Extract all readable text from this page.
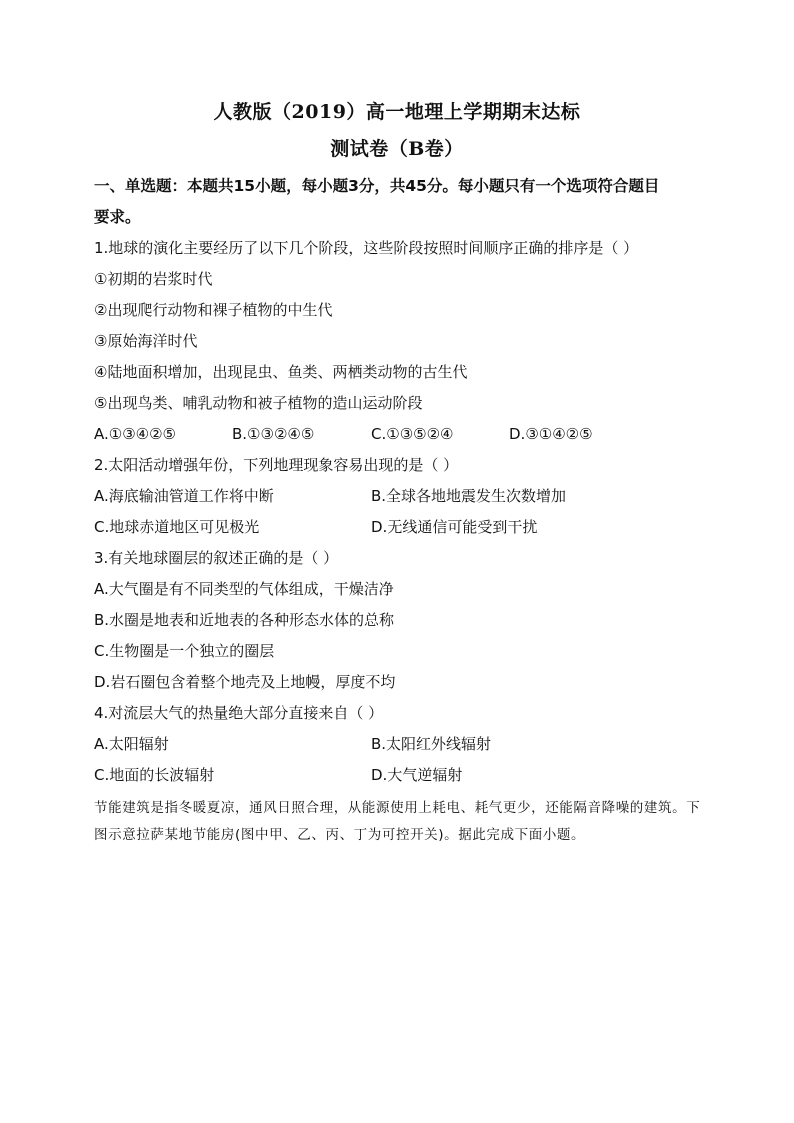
人教版（2019）高一地理上学期期末达标
测试卷（B卷）
一、单选题：本题共15小题，每小题3分，共45分。每小题只有一个选项符合题目
要求。
1.地球的演化主要经历了以下几个阶段，这些阶段按照时间顺序正确的排序是（ ）
①初期的岩浆时代
②出现爬行动物和裸子植物的中生代
③原始海洋时代
④陆地面积增加，出现昆虫、鱼类、两栖类动物的古生代
⑤出现鸟类、哺乳动物和被子植物的造山运动阶段
A.①③④②⑤	B.①③②④⑤	C.①③⑤②④	D.③①④②⑤
2.太阳活动增强年份，下列地理现象容易出现的是（ ）
A.海底输油管道工作将中断	B.全球各地地震发生次数增加
C.地球赤道地区可见极光	D.无线通信可能受到干扰
3.有关地球圈层的叙述正确的是（ ）
A.大气圈是有不同类型的气体组成，干燥洁净
B.水圈是地表和近地表的各种形态水体的总称
C.生物圈是一个独立的圈层
D.岩石圈包含着整个地壳及上地幔，厚度不均
4.对流层大气的热量绝大部分直接来自（ ）
A.太阳辐射	B.太阳红外线辐射
C.地面的长波辐射	D.大气逆辐射
节能建筑是指冬暖夏凉，通风日照合理，从能源使用上耗电、耗气更少，还能隔音降噪的建筑。下图示意拉萨某地节能房(图中甲、乙、丙、丁为可控开关)。据此完成下面小题。
